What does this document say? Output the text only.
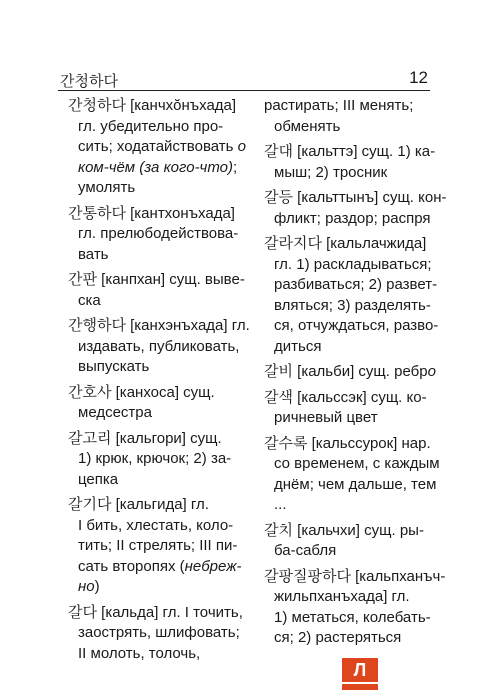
간청하다	12
간청하다 [канчхŏнъхада]
гл. убедительно про-
сить; ходатайствовать о
ком-чём (за кого-что);
умолять
간통하다 [кантхонъхада]
гл. прелюбодействова-
вать
간판 [канпхан] сущ. выве-
ска
간행하다 [канхэнъхада] гл.
издавать, публиковать,
выпускать
간호사 [канхоса] сущ.
медсестра
갈고리 [кальгори] сущ.
1) крюк, крючок; 2) за-
цепка
갈기다 [кальгида] гл.
I бить, хлестать, коло-
тить; II стрелять; III пи-
сать второпях (небреж-
но)
갈다 [кальда] гл. I точить,
заострять, шлифовать;
II молоть, толочь,
растирать; III менять;
обменять
갈대 [кальттэ] сущ. 1) ка-
мыш; 2) тросник
갈등 [кальттынъ] сущ. кон-
фликт; раздор; распря
갈라지다 [кальлачжида]
гл. 1) раскладываться;
разбиваться; 2) развет-
вляться; 3) разделять-
ся, отчуждаться, разво-
диться
갈비 [кальби] сущ. ребро
갈색 [кальссэк] сущ. ко-
ричневый цвет
갈수록 [кальссурок] нар.
со временем, с каждым
днём; чем дальше, тем
...
갈치 [кальчхи] сущ. ры-
ба-сабля
갈팡질팡하다 [кальпханъч-
жильпханъхада] гл.
1) метаться, колебать-
ся; 2) растеряться
Л
